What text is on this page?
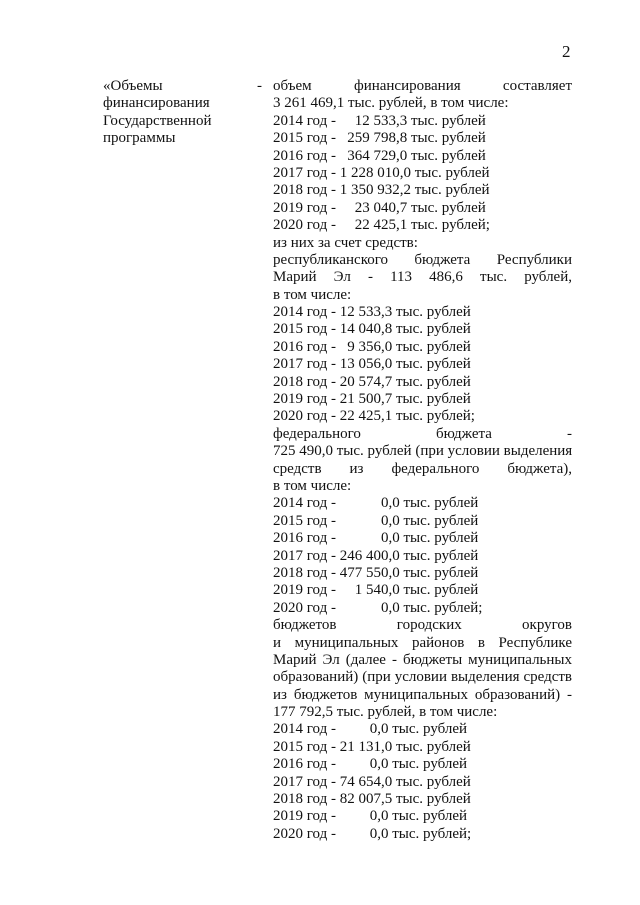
2
«Объемы
финансирования
Государственной
программы
- объем финансирования составляет
3 261 469,1 тыс. рублей, в том числе:
2014 год -     12 533,3 тыс. рублей
2015 год -   259 798,8 тыс. рублей
2016 год -   364 729,0 тыс. рублей
2017 год - 1 228 010,0 тыс. рублей
2018 год - 1 350 932,2 тыс. рублей
2019 год -     23 040,7 тыс. рублей
2020 год -     22 425,1 тыс. рублей;
из них за счет средств:
республиканского бюджета Республики
Марий Эл - 113 486,6 тыс. рублей,
в том числе:
2014 год - 12 533,3 тыс. рублей
2015 год - 14 040,8 тыс. рублей
2016 год -   9 356,0 тыс. рублей
2017 год - 13 056,0 тыс. рублей
2018 год - 20 574,7 тыс. рублей
2019 год - 21 500,7 тыс. рублей
2020 год - 22 425,1 тыс. рублей;
федерального бюджета -
725 490,0 тыс. рублей (при условии выделения
средств из федерального бюджета),
в том числе:
2014 год -            0,0 тыс. рублей
2015 год -            0,0 тыс. рублей
2016 год -            0,0 тыс. рублей
2017 год - 246 400,0 тыс. рублей
2018 год - 477 550,0 тыс. рублей
2019 год -     1 540,0 тыс. рублей
2020 год -            0,0 тыс. рублей;
бюджетов городских округов
и муниципальных районов в Республике
Марий Эл (далее - бюджеты муниципальных
образований) (при условии выделения средств
из бюджетов муниципальных образований) -
177 792,5 тыс. рублей, в том числе:
2014 год -         0,0 тыс. рублей
2015 год - 21 131,0 тыс. рублей
2016 год -         0,0 тыс. рублей
2017 год - 74 654,0 тыс. рублей
2018 год - 82 007,5 тыс. рублей
2019 год -         0,0 тыс. рублей
2020 год -         0,0 тыс. рублей;
